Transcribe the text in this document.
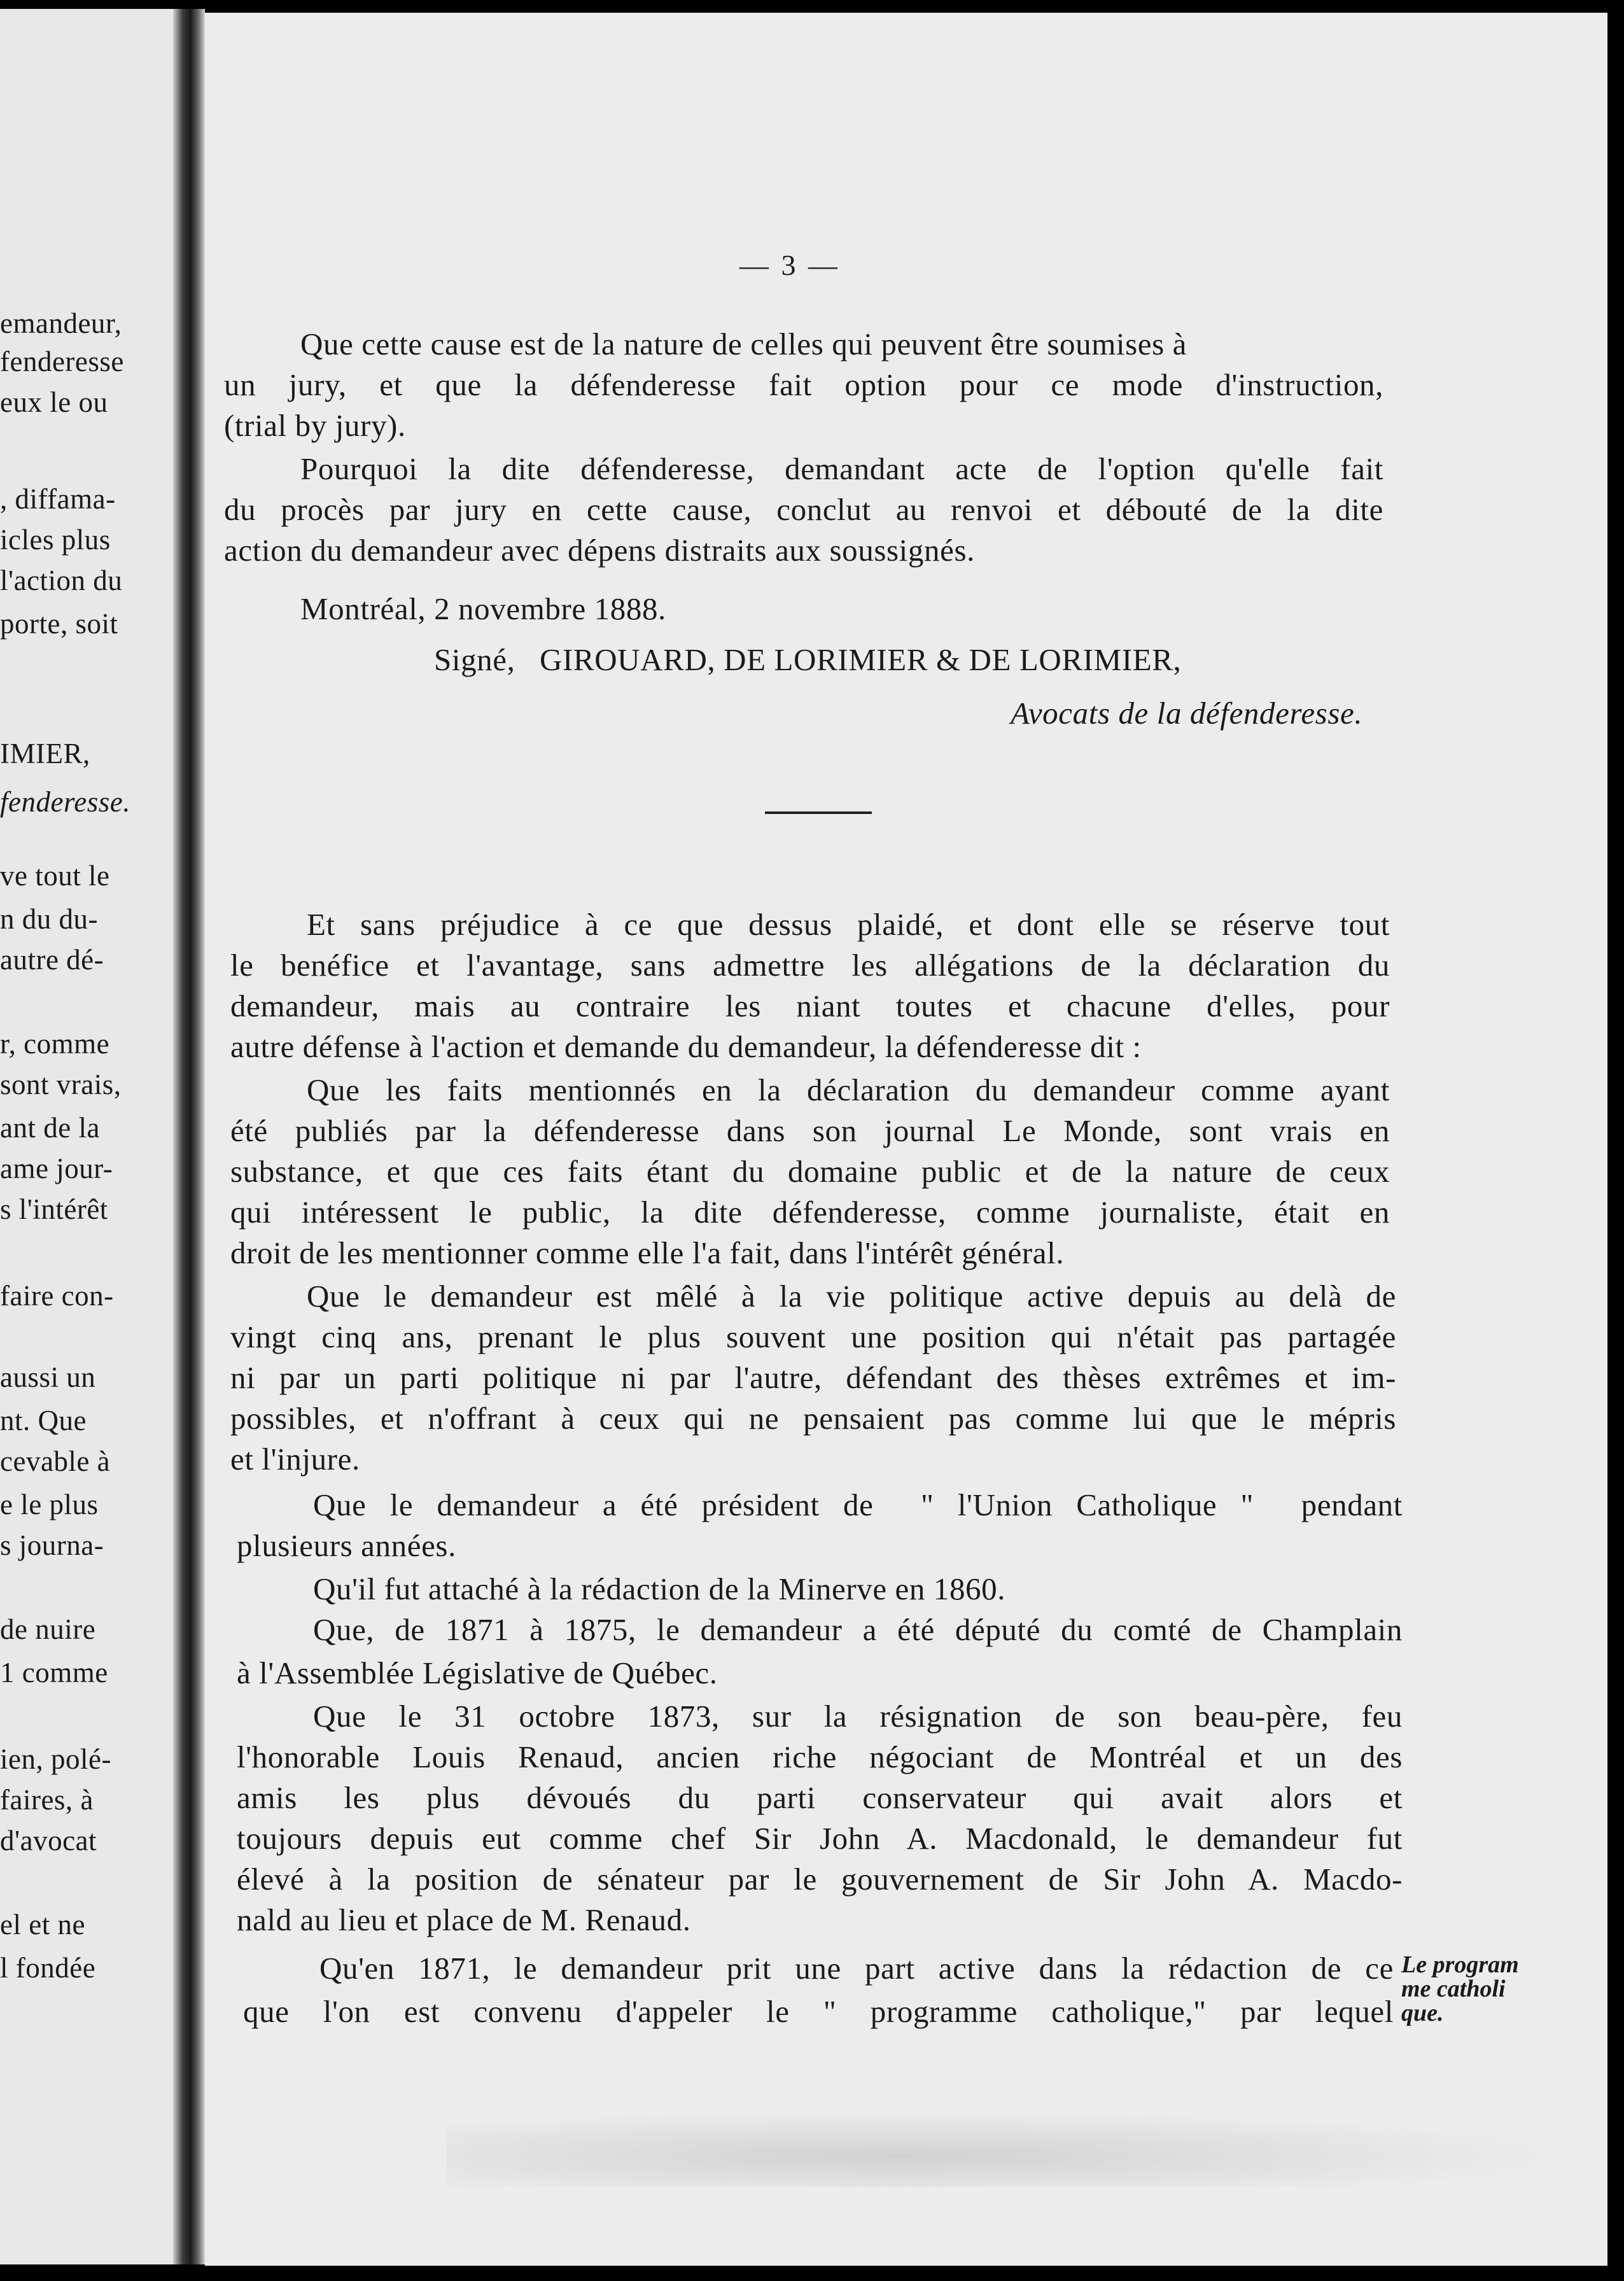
emandeur,
fenderesse
eux le ou
, diffama-
icles plus
l'action du
porte, soit
IMIER,
fenderesse.
ve tout le
n du du-
autre dé-
r, comme
sont vrais,
ant de la
ame jour-
s l'intérêt
faire con-
aussi un
nt. Que
cevable à
e le plus
s journa-
de nuire
1 comme
ien, polé-
faires, à
d'avocat
el et ne
l fondée
— 3 —
Que cette cause est de la nature de celles qui peuvent être soumises à
un jury, et que la défenderesse fait option pour ce mode d'instruction,
(trial by jury).
Pourquoi la dite défenderesse, demandant acte de l'option qu'elle fait
du procès par jury en cette cause, conclut au renvoi et débouté de la dite
action du demandeur avec dépens distraits aux soussignés.
Montréal, 2 novembre 1888.
Signé,   GIROUARD, DE LORIMIER & DE LORIMIER,
Avocats de la défenderesse.
Et sans préjudice à ce que dessus plaidé, et dont elle se réserve tout
le benéfice et l'avantage, sans admettre les allégations de la déclaration du
demandeur, mais au contraire les niant toutes et chacune d'elles, pour
autre défense à l'action et demande du demandeur, la défenderesse dit :
Que les faits mentionnés en la déclaration du demandeur comme ayant
été publiés par la défenderesse dans son journal Le Monde, sont vrais en
substance, et que ces faits étant du domaine public et de la nature de ceux
qui intéressent le public, la dite défenderesse, comme journaliste, était en
droit de les mentionner comme elle l'a fait, dans l'intérêt général.
Que le demandeur est mêlé à la vie politique active depuis au delà de
vingt cinq ans, prenant le plus souvent une position qui n'était pas partagée
ni par un parti politique ni par l'autre, défendant des thèses extrêmes et im-
possibles, et n'offrant à ceux qui ne pensaient pas comme lui que le mépris
et l'injure.
Que le demandeur a été président de  " l'Union Catholique "  pendant
plusieurs années.
Qu'il fut attaché à la rédaction de la Minerve en 1860.
Que, de 1871 à 1875, le demandeur a été député du comté de Champlain
à l'Assemblée Législative de Québec.
Que le 31 octobre 1873, sur la résignation de son beau-père, feu
l'honorable Louis Renaud, ancien riche négociant de Montréal et un des
amis les plus dévoués du parti conservateur qui avait alors et
toujours depuis eut comme chef Sir John A. Macdonald, le demandeur fut
élevé à la position de sénateur par le gouvernement de Sir John A. Macdo-
nald au lieu et place de M. Renaud.
Qu'en 1871, le demandeur prit une part active dans la rédaction de ce
que l'on est convenu d'appeler le " programme catholique," par lequel
Le program
me catholi
que.
